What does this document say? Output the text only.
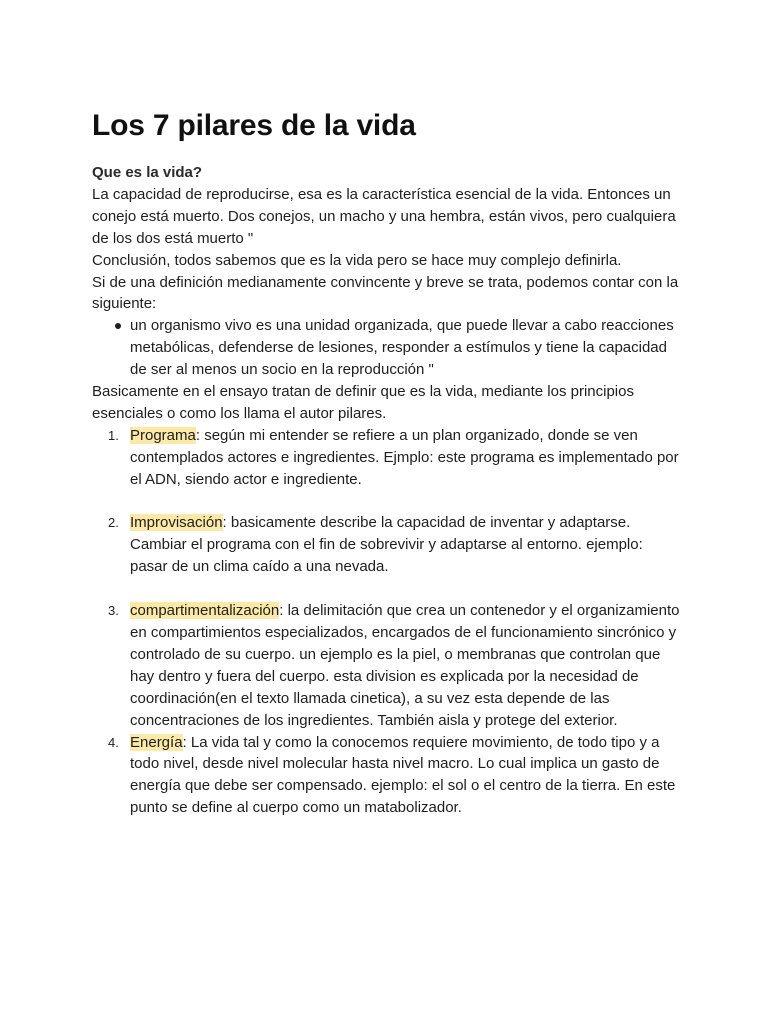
Los 7 pilares de la vida

Que es la vida?

La capacidad de reproducirse, esa es la característica esencial de la vida. Entonces un conejo está muerto. Dos conejos, un macho y una hembra, están vivos, pero cualquiera de los dos está muerto "

Conclusión, todos sabemos que es la vida pero se hace muy complejo definirla.

Si de una definición medianamente convincente y breve se trata, podemos contar con la siguiente:

un organismo vivo es una unidad organizada, que puede llevar a cabo reacciones metabólicas, defenderse de lesiones, responder a estímulos y tiene la capacidad de ser al menos un socio en la reproducción "

Basicamente en el ensayo tratan de definir que es la vida, mediante los principios esenciales o como los llama el autor pilares.

1. Programa: según mi entender se refiere a un plan organizado, donde se ven contemplados actores e ingredientes. Ejmplo: este programa es implementado por el ADN, siendo actor e ingrediente.
2. Improvisación: basicamente describe la capacidad de inventar y adaptarse. Cambiar el programa con el fin de sobrevivir y adaptarse al entorno. ejemplo: pasar de un clima caído a una nevada.
3. compartimentalización: la delimitación que crea un contenedor y el organizamiento en compartimientos especializados, encargados de el funcionamiento sincrónico y controlado de su cuerpo. un ejemplo es la piel, o membranas que controlan que hay dentro y fuera del cuerpo. esta division es explicada por la necesidad de coordinación(en el texto llamada cinetica), a su vez esta depende de las concentraciones de los ingredientes. También aisla y protege del exterior.
4. Energía: La vida tal y como la conocemos requiere movimiento, de todo tipo y a todo nivel, desde nivel molecular hasta nivel macro. Lo cual implica un gasto de energía que debe ser compensado. ejemplo: el sol o el centro de la tierra. En este punto se define al cuerpo como un matabolizador.
